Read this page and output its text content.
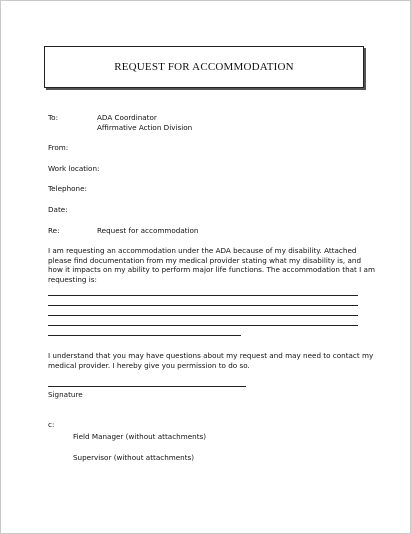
REQUEST FOR ACCOMMODATION
To:	ADA Coordinator
Affirmative Action Division
From:
Work location:
Telephone:
Date:
Re:	Request for accommodation
I am requesting an accommodation under the ADA because of my disability. Attached please find documentation from my medical provider stating what my disability is, and how it impacts on my ability to perform major life functions. The accommodation that I am requesting is:
I understand that you may have questions about my request and may need to contact my medical provider. I hereby give you permission to do so.
Signature
c:
Field Manager (without attachments)
Supervisor (without attachments)
